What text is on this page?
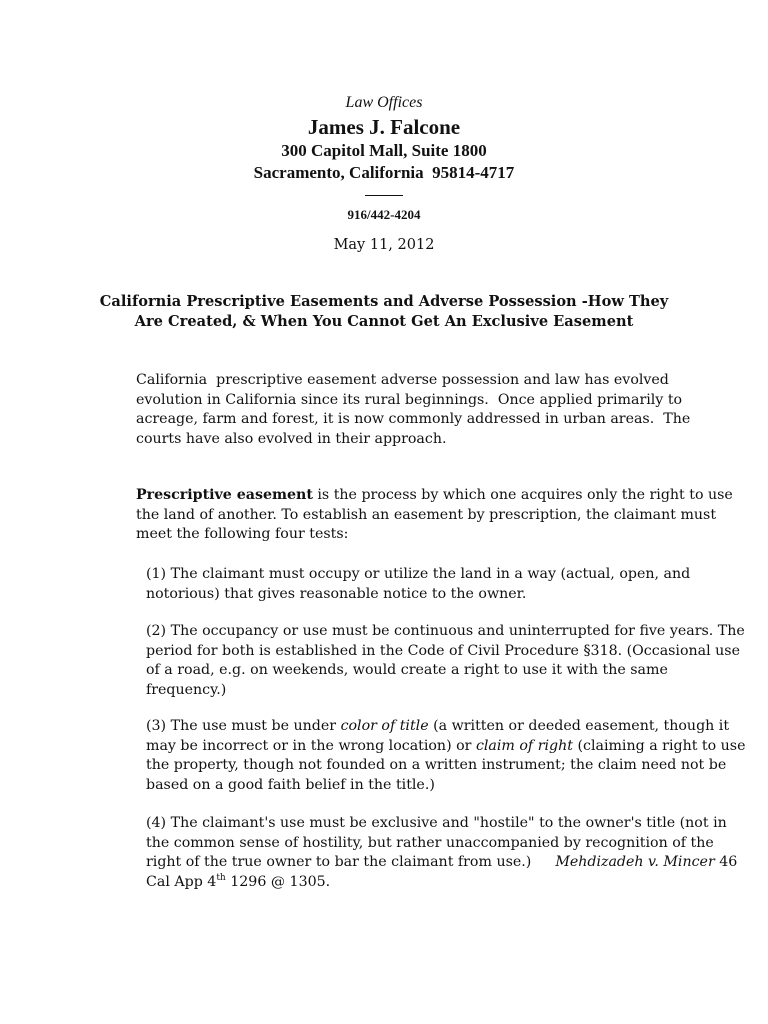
Law Offices
James J. Falcone
300 Capitol Mall, Suite 1800
Sacramento, California  95814-4717
916/442-4204
May 11, 2012
California Prescriptive Easements and Adverse Possession -How They
Are Created, & When You Cannot Get An Exclusive Easement
California  prescriptive easement adverse possession and law has evolved evolution in California since its rural beginnings.  Once applied primarily to acreage, farm and forest, it is now commonly addressed in urban areas.  The courts have also evolved in their approach.
Prescriptive easement is the process by which one acquires only the right to use the land of another. To establish an easement by prescription, the claimant must meet the following four tests:
(1) The claimant must occupy or utilize the land in a way (actual, open, and notorious) that gives reasonable notice to the owner.
(2) The occupancy or use must be continuous and uninterrupted for five years. The period for both is established in the Code of Civil Procedure §318. (Occasional use of a road, e.g. on weekends, would create a right to use it with the same frequency.)
(3) The use must be under color of title (a written or deeded easement, though it may be incorrect or in the wrong location) or claim of right (claiming a right to use the property, though not founded on a written instrument; the claim need not be based on a good faith belief in the title.)
(4) The claimant's use must be exclusive and "hostile" to the owner's title (not in the common sense of hostility, but rather unaccompanied by recognition of the right of the true owner to bar the claimant from use.) Mehdizadeh v. Mincer 46 Cal App 4th 1296 @ 1305.
